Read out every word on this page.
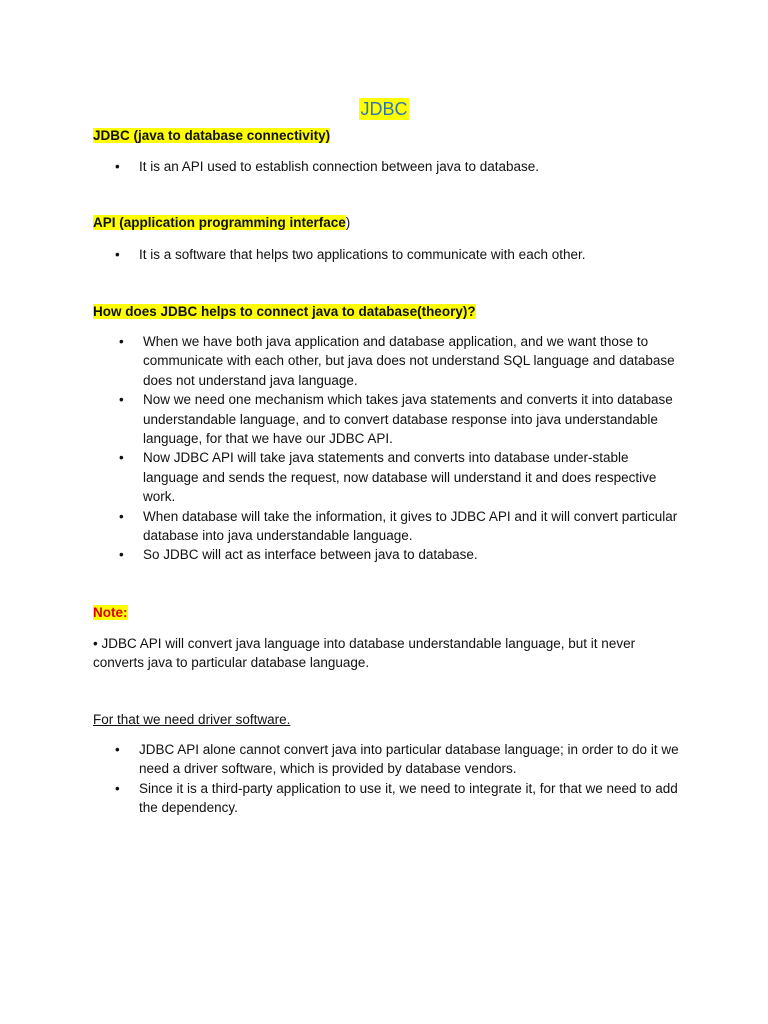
JDBC
JDBC (java to database connectivity)
• It is an API used to establish connection between java to database.
API (application programming interface)
• It is a software that helps two applications to communicate with each other.
How does JDBC helps to connect java to database(theory)?
• When we have both java application and database application, and we want those to communicate with each other, but java does not understand SQL language and database does not understand java language.
• Now we need one mechanism which takes java statements and converts it into database understandable language, and to convert database response into java understandable language, for that we have our JDBC API.
• Now JDBC API will take java statements and converts into database under-stable language and sends the request, now database will understand it and does respective work.
• When database will take the information, it gives to JDBC API and it will convert particular database into java understandable language.
• So JDBC will act as interface between java to database.
Note:
• JDBC API will convert java language into database understandable language, but it never converts java to particular database language.
For that we need driver software.
• JDBC API alone cannot convert java into particular database language; in order to do it we need a driver software, which is provided by database vendors.
• Since it is a third-party application to use it, we need to integrate it, for that we need to add the dependency.
